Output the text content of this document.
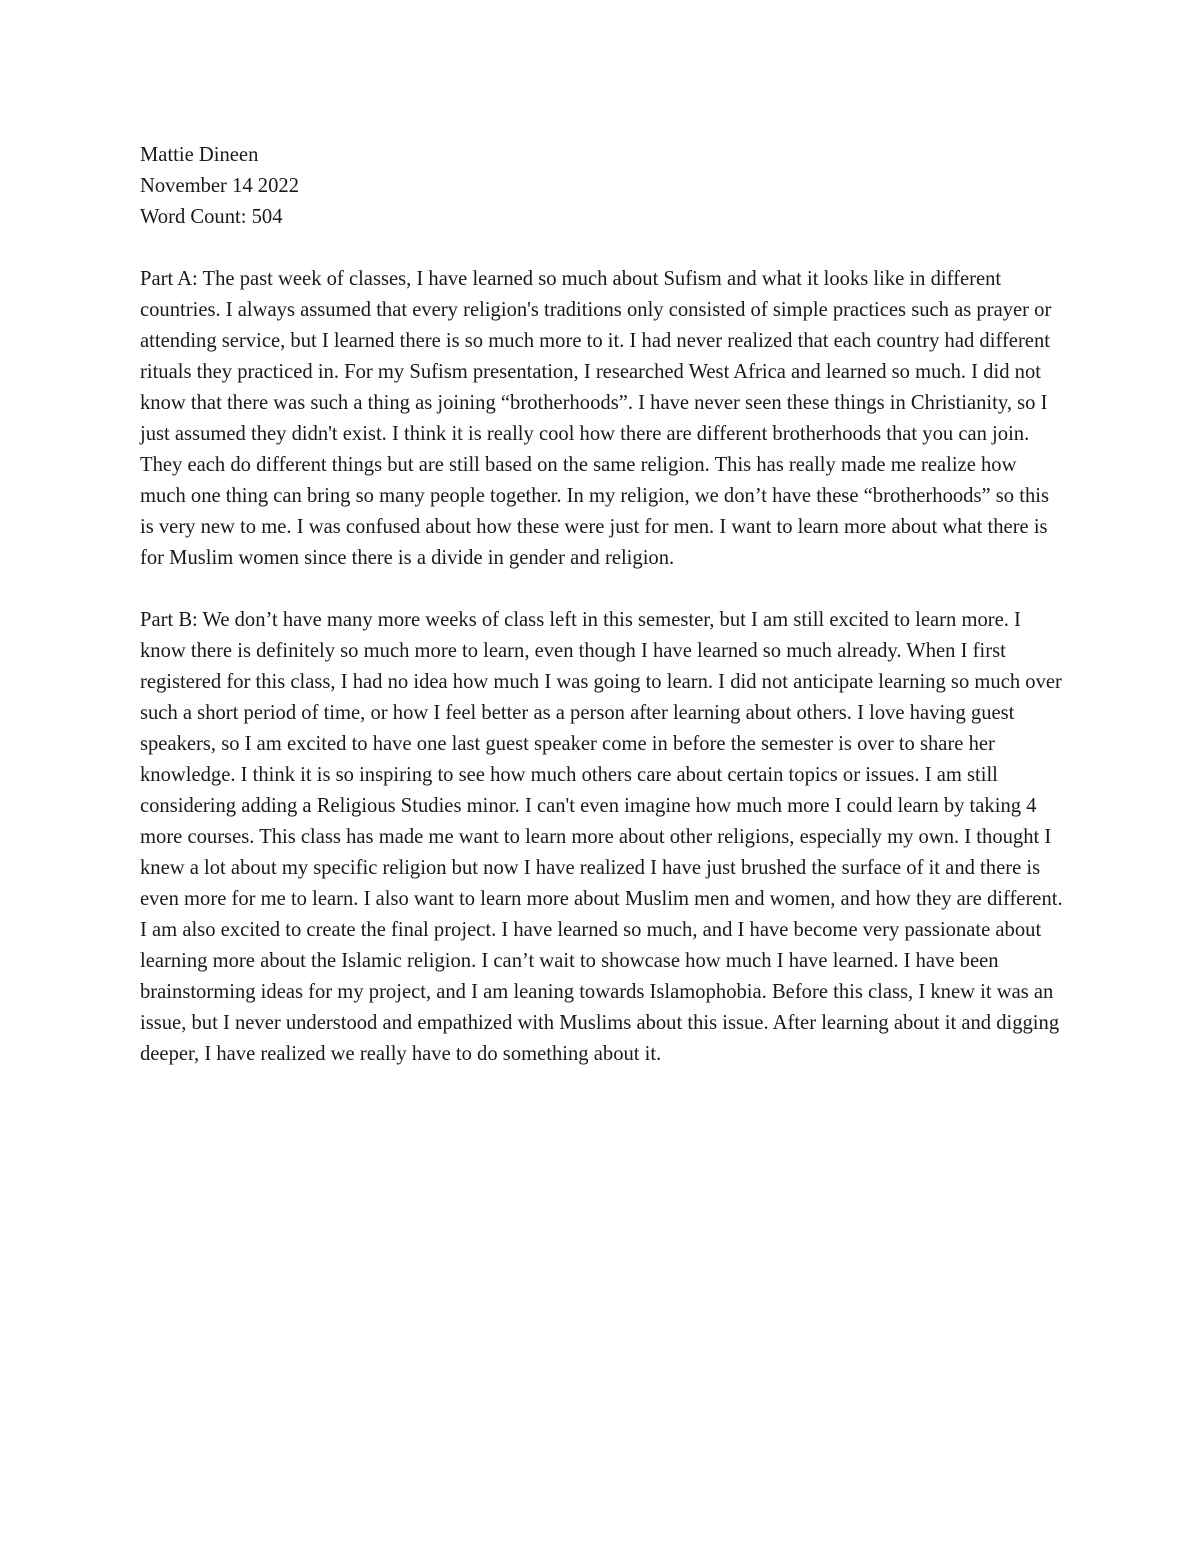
Mattie Dineen
November 14 2022
Word Count: 504

Part A: The past week of classes, I have learned so much about Sufism and what it looks like in different countries. I always assumed that every religion's traditions only consisted of simple practices such as prayer or attending service, but I learned there is so much more to it. I had never realized that each country had different rituals they practiced in. For my Sufism presentation, I researched West Africa and learned so much. I did not know that there was such a thing as joining “brotherhoods”. I have never seen these things in Christianity, so I just assumed they didn't exist. I think it is really cool how there are different brotherhoods that you can join. They each do different things but are still based on the same religion. This has really made me realize how much one thing can bring so many people together. In my religion, we don’t have these “brotherhoods” so this is very new to me. I was confused about how these were just for men. I want to learn more about what there is for Muslim women since there is a divide in gender and religion.

Part B: We don’t have many more weeks of class left in this semester, but I am still excited to learn more. I know there is definitely so much more to learn, even though I have learned so much already. When I first registered for this class, I had no idea how much I was going to learn. I did not anticipate learning so much over such a short period of time, or how I feel better as a person after learning about others. I love having guest speakers, so I am excited to have one last guest speaker come in before the semester is over to share her knowledge. I think it is so inspiring to see how much others care about certain topics or issues. I am still considering adding a Religious Studies minor. I can't even imagine how much more I could learn by taking 4 more courses. This class has made me want to learn more about other religions, especially my own. I thought I knew a lot about my specific religion but now I have realized I have just brushed the surface of it and there is even more for me to learn. I also want to learn more about Muslim men and women, and how they are different. I am also excited to create the final project. I have learned so much, and I have become very passionate about learning more about the Islamic religion. I can’t wait to showcase how much I have learned. I have been brainstorming ideas for my project, and I am leaning towards Islamophobia. Before this class, I knew it was an issue, but I never understood and empathized with Muslims about this issue. After learning about it and digging deeper, I have realized we really have to do something about it.
